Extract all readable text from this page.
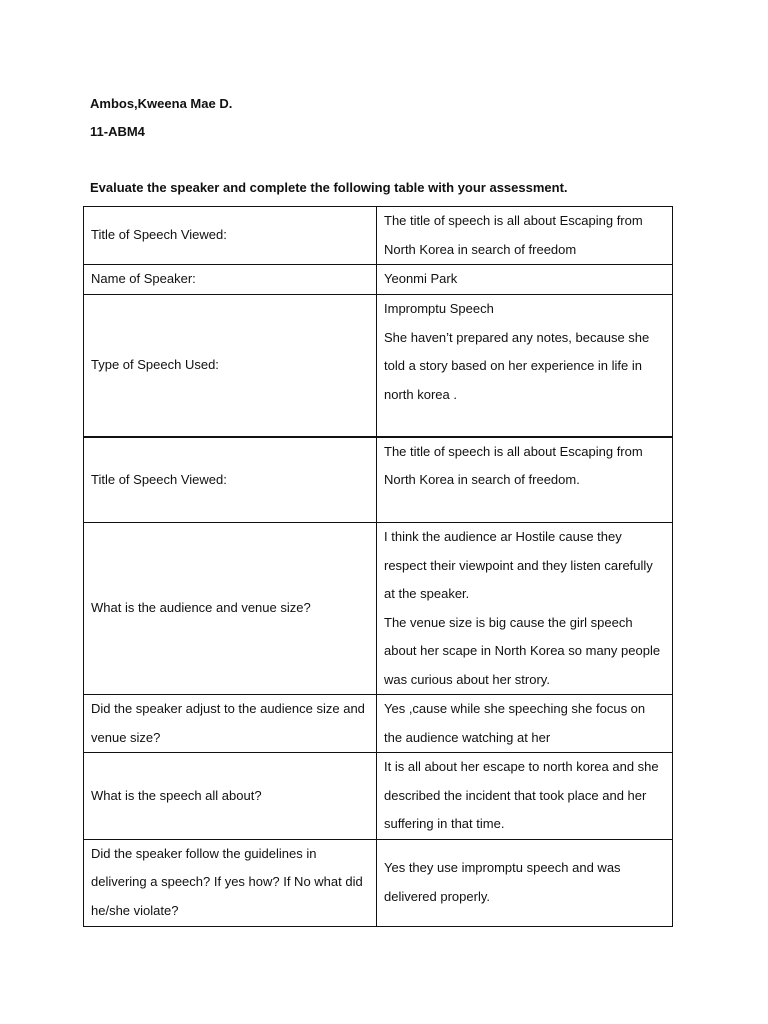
Ambos,Kweena Mae D.
11-ABM4
Evaluate the speaker and complete the following table with your assessment.
Title of Speech Viewed:	The title of speech is all about Escaping from North Korea in search of freedom

Name of Speaker:	Yeonmi Park

Type of Speech Used:	Impromptu Speech
She haven’t prepared any notes, because she told a story based on her experience in life in north korea .

Title of Speech Viewed:	The title of speech is all about Escaping from North Korea in search of freedom.

What is the audience and venue size?	I think the audience ar Hostile cause they respect their viewpoint and they listen carefully at the speaker.
The venue size is big cause the girl speech about her scape in North Korea so many people was curious about her strory.

Did the speaker adjust to the audience size and venue size?	Yes ,cause while she speeching she focus on the audience watching at her

What is the speech all about?	It is all about her escape to north korea and she described the incident that took place and her suffering in that time.

Did the speaker follow the guidelines in delivering a speech? If yes how? If No what did he/she violate?	Yes they use impromptu speech and was delivered properly.
